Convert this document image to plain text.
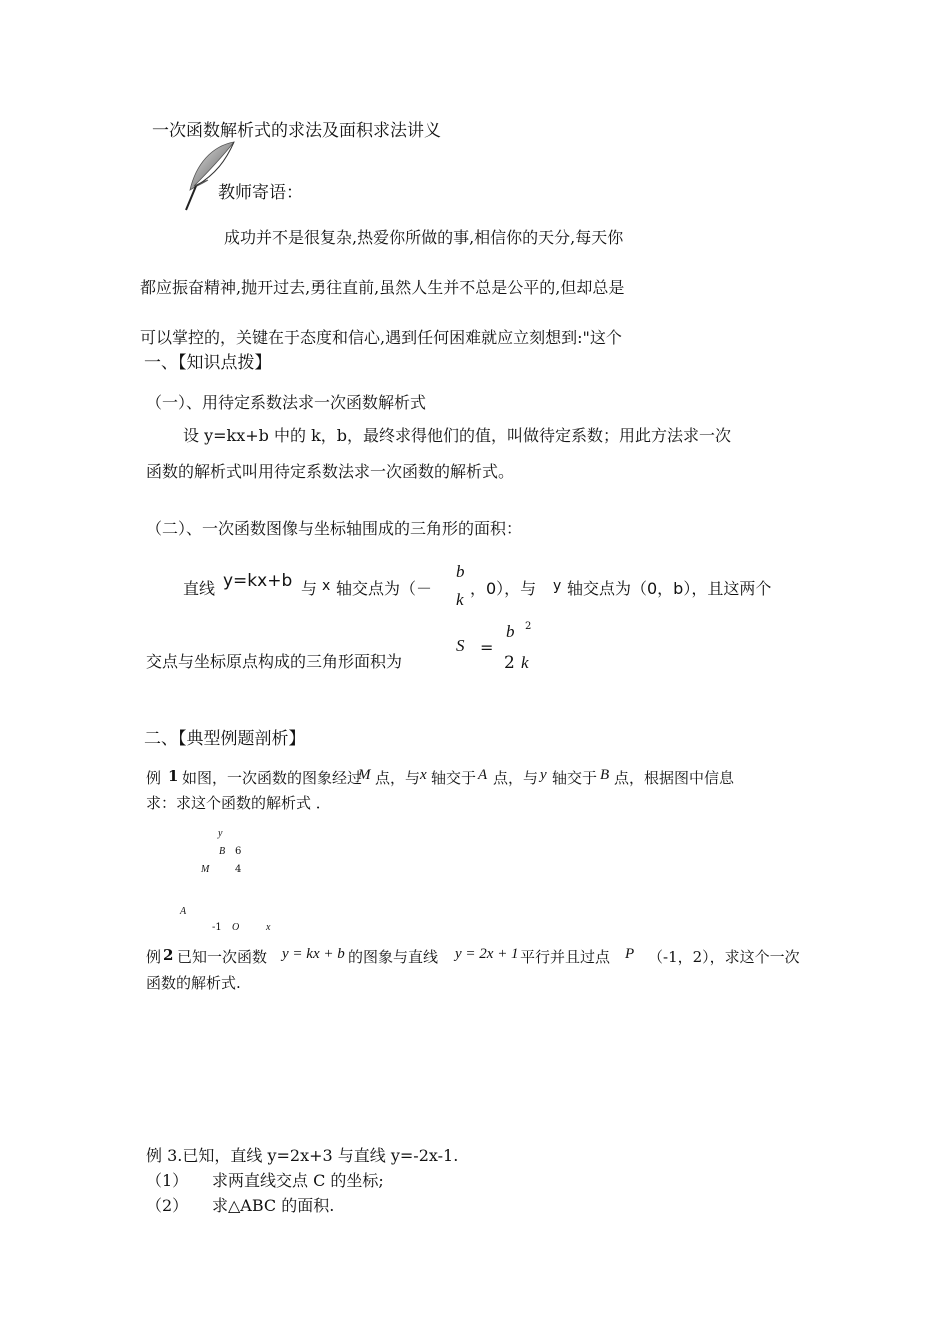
一次函数解析式的求法及面积求法讲义
教师寄语：
成功并不是很复杂,热爱你所做的事,相信你的天分,每天你
都应振奋精神,抛开过去,勇往直前,虽然人生并不总是公平的,但却总是
可以掌控的，关键在于态度和信心,遇到任何困难就应立刻想到:"这个
一、【知识点拨】
（一）、用待定系数法求一次函数解析式
设 y=kx+b 中的 k，b，最终求得他们的值，叫做待定系数；用此方法求一次
函数的解析式叫用待定系数法求一次函数的解析式。
（二）、一次函数图像与坐标轴围成的三角形的面积：
直线 y=kx+b 与 x 轴交点为（－
b
k
，0），与 y 轴交点为（0，b），且这两个
交点与坐标原点构成的三角形面积为
S =
b 2
2 k
二、【典型例题剖析】
例 1 如图，一次函数的图象经过
M 点，与 x 轴交于 A 点，与 y 轴交于 B 点，根据图中信息
求：求这个函数的解析式 ．
y
B 6
M	4
A
-1 O	x
例 2 已知一次函数 y = kx + b 的图象与直线 y = 2x + 1 平行并且过点 P （-1，2），求这个一次
函数的解析式.
例 3.已知，直线 y=2x+3 与直线 y=-2x-1.
（1） 求两直线交点 C 的坐标;
（2） 求△ABC 的面积.
